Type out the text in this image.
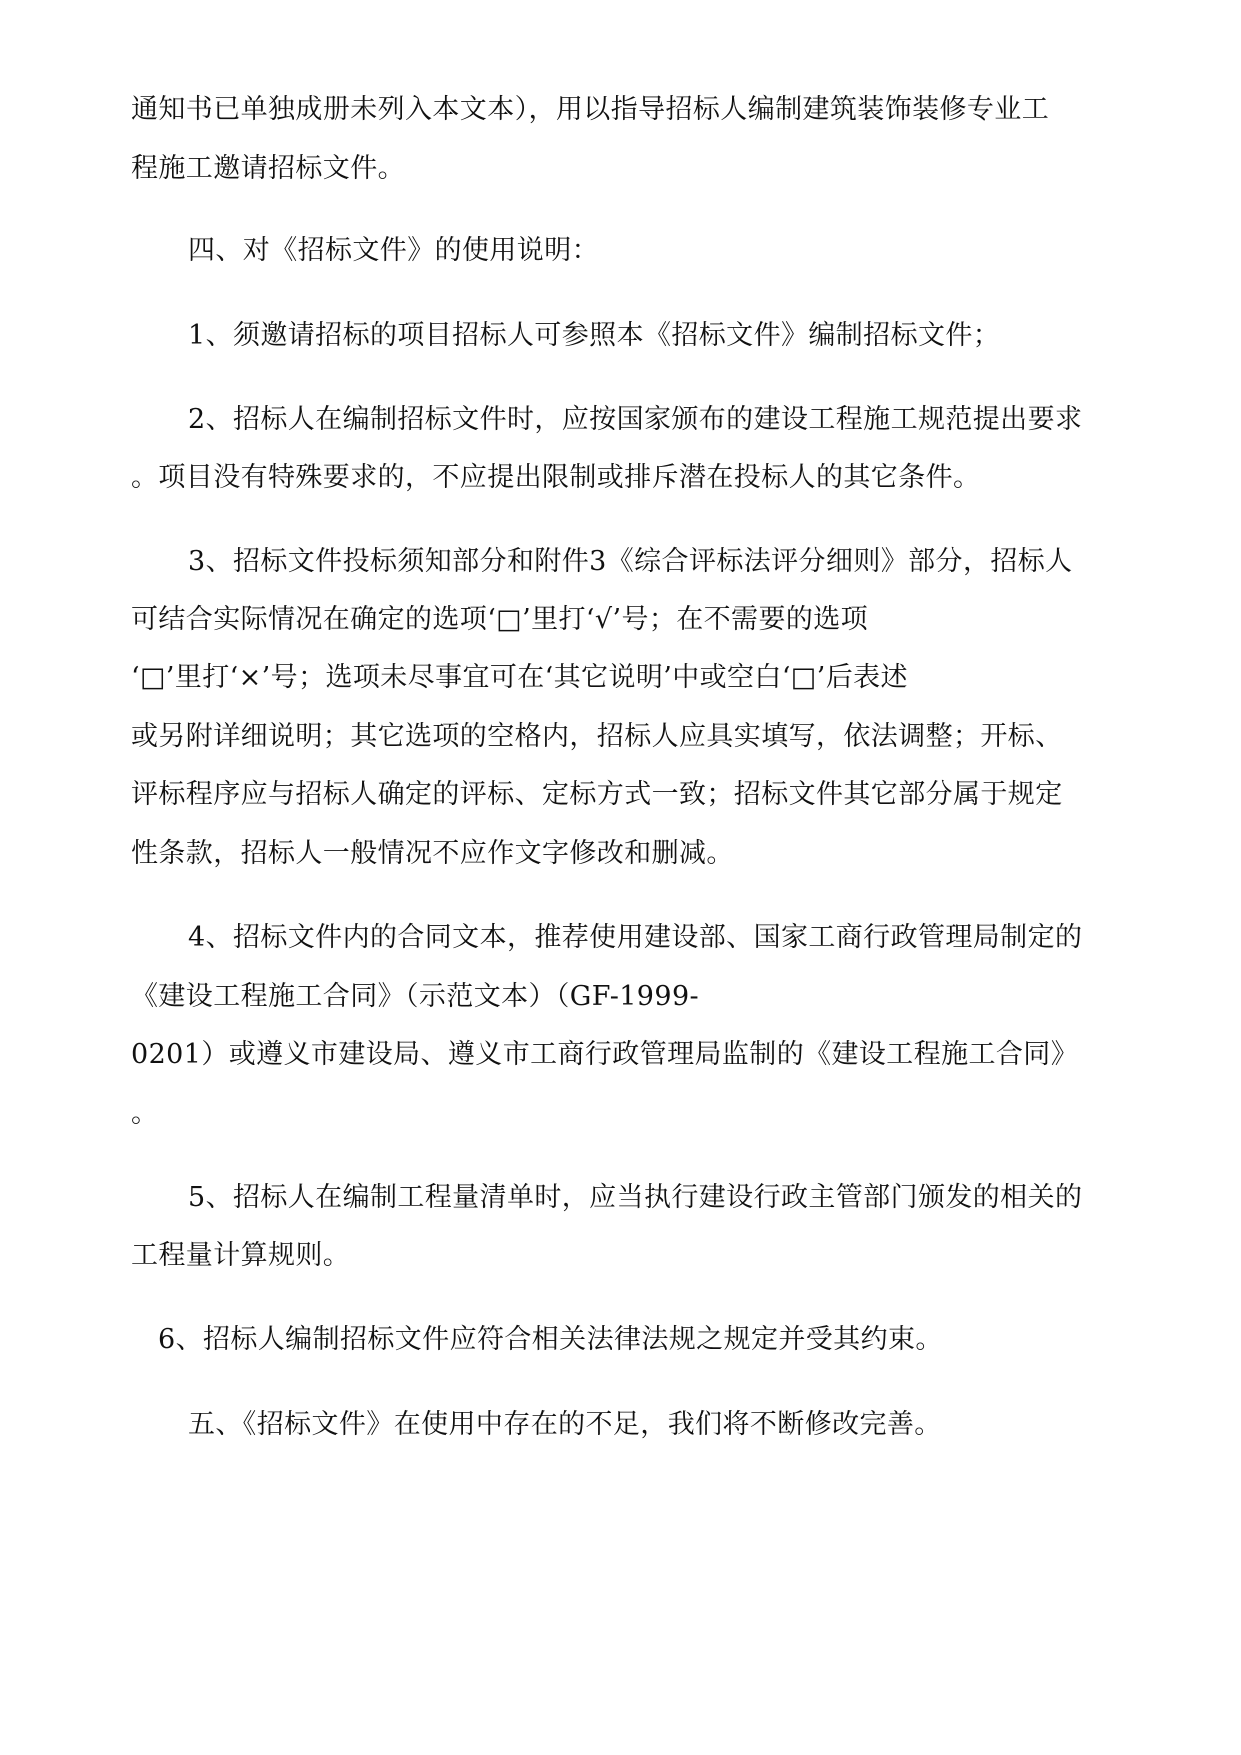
通知书已单独成册未列入本文本），用以指导招标人编制建筑装饰装修专业工
程施工邀请招标文件。
四、对《招标文件》的使用说明：
1、须邀请招标的项目招标人可参照本《招标文件》编制招标文件；
2、招标人在编制招标文件时，应按国家颁布的建设工程施工规范提出要求
。项目没有特殊要求的，不应提出限制或排斥潜在投标人的其它条件。
3、招标文件投标须知部分和附件3《综合评标法评分细则》部分，招标人
可结合实际情况在确定的选项‘□’里打‘√’号；在不需要的选项
‘□’里打‘×’号；选项未尽事宜可在‘其它说明’中或空白‘□’后表述
或另附详细说明；其它选项的空格内，招标人应具实填写，依法调整；开标、
评标程序应与招标人确定的评标、定标方式一致；招标文件其它部分属于规定
性条款，招标人一般情况不应作文字修改和删减。
4、招标文件内的合同文本，推荐使用建设部、国家工商行政管理局制定的
《建设工程施工合同》（示范文本）（GF-1999-
0201）或遵义市建设局、遵义市工商行政管理局监制的《建设工程施工合同》
。
5、招标人在编制工程量清单时，应当执行建设行政主管部门颁发的相关的
工程量计算规则。
6、招标人编制招标文件应符合相关法律法规之规定并受其约束。
五、《招标文件》在使用中存在的不足，我们将不断修改完善。
